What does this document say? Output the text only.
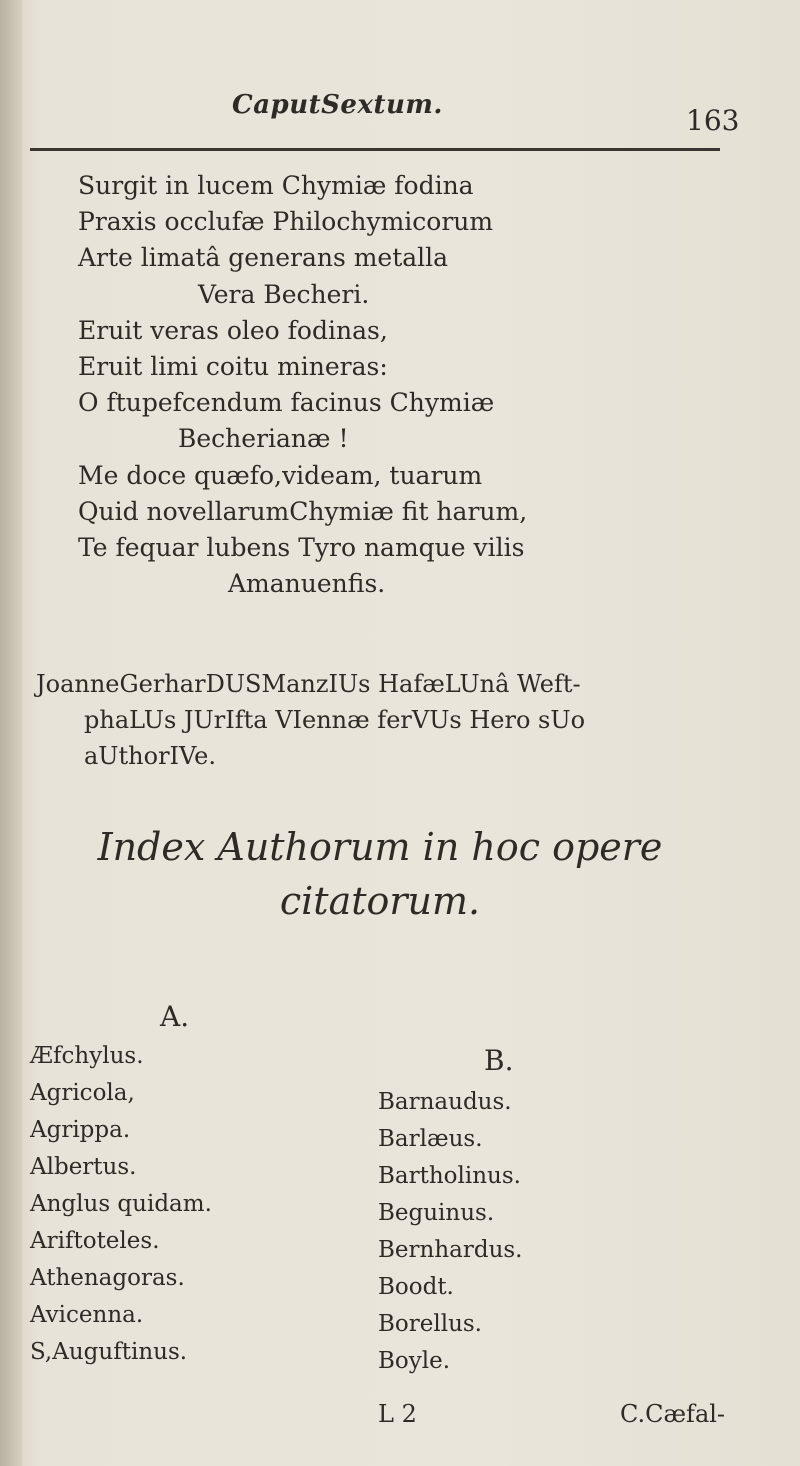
CaputSextum.	163
Surgit in lucem Chymiæ fodina
Praxis occlufæ Philochymicorum
Arte limatâ generans metalla
Vera Becheri.
Eruit veras oleo fodinas,
Eruit limi coitu mineras:
O ftupefcendum facinus Chymiæ
Becherianæ !
Me doce quæfo,videam, tuarum
Quid novellarumChymiæ fit harum,
Te fequar lubens Tyro namque vilis
Amanuenfis.
JoanneGerharDUSManzIUs HafæLUnâ Weft-
phaLUs JUrIfta VIennæ ferVUs Hero sUo
aUthorIVe.
Index Authorum in hoc opere
citatorum.
A.
Æfchylus.
Agricola,
Agrippa.
Albertus.
Anglus quidam.
Ariftoteles.
Athenagoras.
Avicenna.
S,Auguftinus.
B.
Barnaudus.
Barlæus.
Bartholinus.
Beguinus.
Bernhardus.
Boodt.
Borellus.
Boyle.
L 2	C.Cæfal-
